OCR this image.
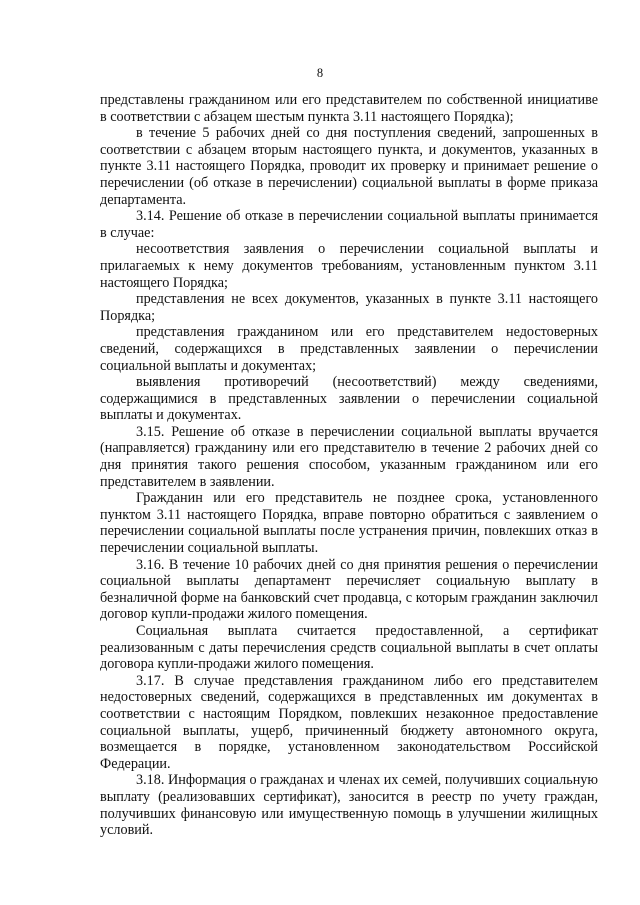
8

представлены гражданином или его представителем по собственной инициативе в соответствии с абзацем шестым пункта 3.11 настоящего Порядка);

в течение 5 рабочих дней со дня поступления сведений, запрошенных в соответствии с абзацем вторым настоящего пункта, и документов, указанных в пункте 3.11 настоящего Порядка, проводит их проверку и принимает решение о перечислении (об отказе в перечислении) социальной выплаты в форме приказа департамента.

3.14. Решение об отказе в перечислении социальной выплаты принимается в случае:

несоответствия заявления о перечислении социальной выплаты и прилагаемых к нему документов требованиям, установленным пунктом 3.11 настоящего Порядка;

представления не всех документов, указанных в пункте 3.11 настоящего Порядка;

представления гражданином или его представителем недостоверных сведений, содержащихся в представленных заявлении о перечислении социальной выплаты и документах;

выявления противоречий (несоответствий) между сведениями, содержащимися в представленных заявлении о перечислении социальной выплаты и документах.

3.15. Решение об отказе в перечислении социальной выплаты вручается (направляется) гражданину или его представителю в течение 2 рабочих дней со дня принятия такого решения способом, указанным гражданином или его представителем в заявлении.

Гражданин или его представитель не позднее срока, установленного пунктом 3.11 настоящего Порядка, вправе повторно обратиться с заявлением о перечислении социальной выплаты после устранения причин, повлекших отказ в перечислении социальной выплаты.

3.16. В течение 10 рабочих дней со дня принятия решения о перечислении социальной выплаты департамент перечисляет социальную выплату в безналичной форме на банковский счет продавца, с которым гражданин заключил договор купли-продажи жилого помещения.

Социальная выплата считается предоставленной, а сертификат реализованным с даты перечисления средств социальной выплаты в счет оплаты договора купли-продажи жилого помещения.

3.17. В случае представления гражданином либо его представителем недостоверных сведений, содержащихся в представленных им документах в соответствии с настоящим Порядком, повлекших незаконное предоставление социальной выплаты, ущерб, причиненный бюджету автономного округа, возмещается в порядке, установленном законодательством Российской Федерации.

3.18. Информация о гражданах и членах их семей, получивших социальную выплату (реализовавших сертификат), заносится в реестр по учету граждан, получивших финансовую или имущественную помощь в улучшении жилищных условий.
